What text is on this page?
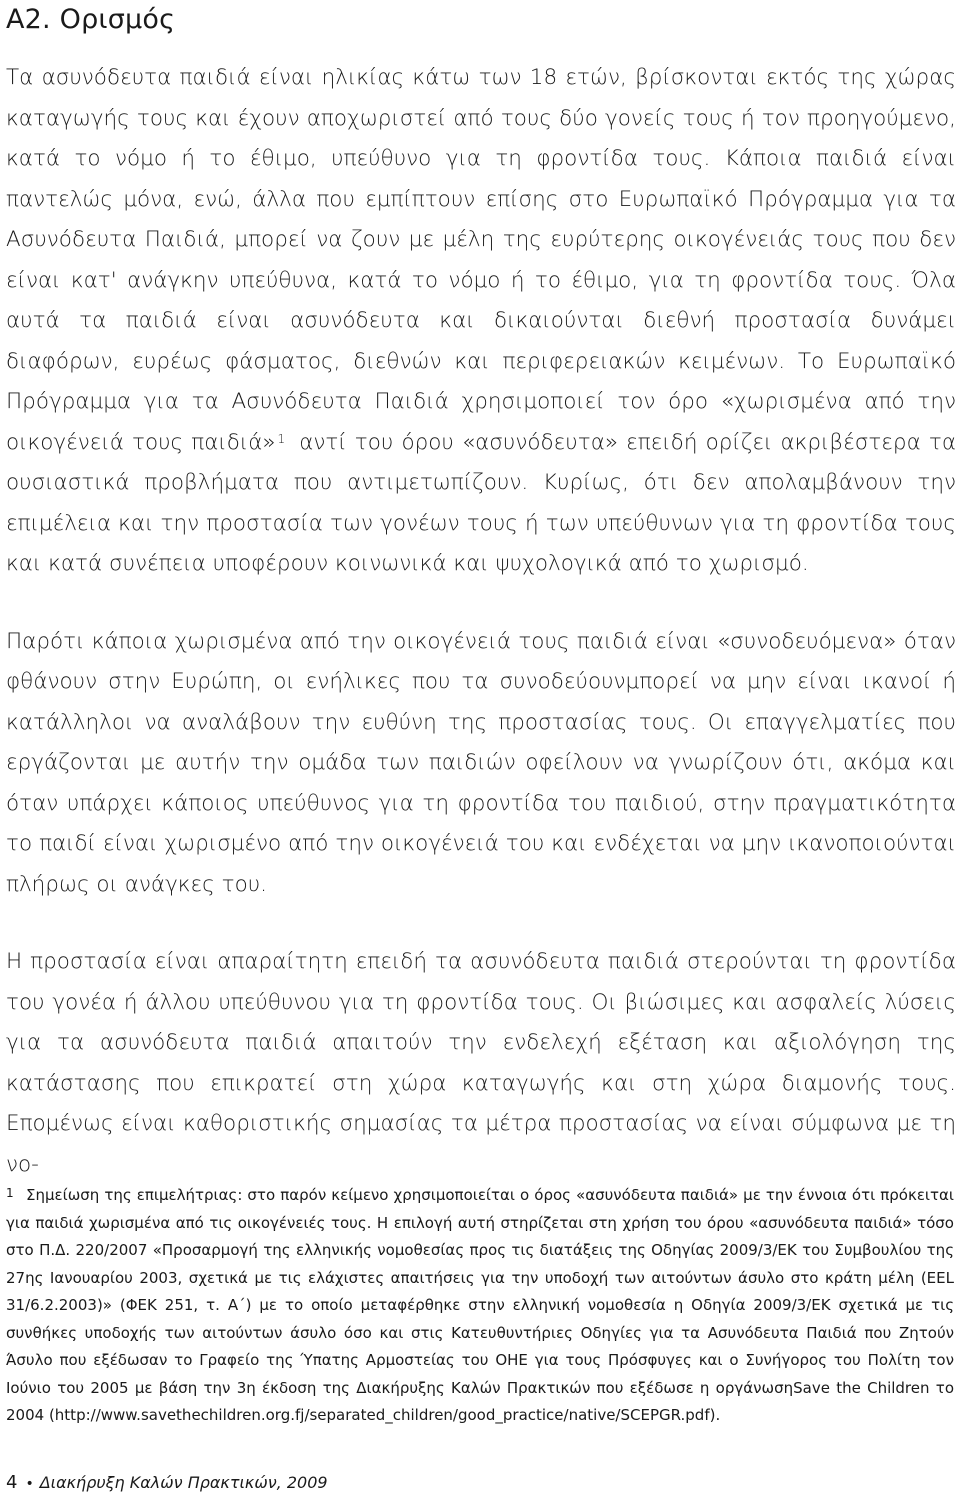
Α2. Ορισμός

Τα ασυνόδευτα παιδιά είναι ηλικίας κάτω των 18 ετών, βρίσκονται εκτός της χώρας καταγωγής τους και έχουν αποχωριστεί από τους δύο γονείς τους ή τον προηγούμενο, κατά το νόμο ή το έθιμο, υπεύθυνο για τη φροντίδα τους. Κάποια παιδιά είναι παντελώς μόνα, ενώ, άλλα που εμπίπτουν επίσης στο Ευρωπαϊκό Πρόγραμμα για τα Ασυνόδευτα Παιδιά, μπορεί να ζουν με μέλη της ευρύτερης οικογένειάς τους που δεν είναι κατ' ανάγκην υπεύθυνα, κατά το νόμο ή το έθιμο, για τη φροντίδα τους. Όλα αυτά τα παιδιά είναι ασυνόδευτα και δικαιούνται διεθνή προστασία δυνάμει διαφόρων, ευρέως φάσματος, διεθνών και περιφερειακών κειμένων. Το Ευρωπαϊκό Πρόγραμμα για τα Ασυνόδευτα Παιδιά χρησιμοποιεί τον όρο «χωρισμένα από την οικογένειά τους παιδιά» $^1$ αντί του όρου «ασυνόδευτα» επειδή ορίζει ακριβέστερα τα ουσιαστικά προβλήματα που αντιμετωπίζουν. Κυρίως, ότι δεν απολαμβάνουν την επιμέλεια και την προστασία των γονέων τους ή των υπεύθυνων για τη φροντίδα τους και κατά συνέπεια υποφέρουν κοινωνικά και ψυχολογικά από το χωρισμό.

Παρότι κάποια χωρισμένα από την οικογένειά τους παιδιά είναι «συνοδευόμενα» όταν φθάνουν στην Ευρώπη, οι ενήλικες που τα συνοδεύουνμπορεί να μην είναι ικανοί ή κατάλληλοι να αναλάβουν την ευθύνη της προστασίας τους. Οι επαγγελματίες που εργάζονται με αυτήν την ομάδα των παιδιών οφείλουν να γνωρίζουν ότι, ακόμα και όταν υπάρχει κάποιος υπεύθυνος για τη φροντίδα του παιδιού, στην πραγματικότητα το παιδί είναι χωρισμένο από την οικογένειά του και ενδέχεται να μην ικανοποιούνται πλήρως οι ανάγκες του.

Η προστασία είναι απαραίτητη επειδή τα ασυνόδευτα παιδιά στερούνται τη φροντίδα του γονέα ή άλλου υπεύθυνου για τη φροντίδα τους. Οι βιώσιμες και ασφαλείς λύσεις για τα ασυνόδευτα παιδιά απαιτούν την ενδελεχή εξέταση και αξιολόγηση της κατάστασης που επικρατεί στη χώρα καταγωγής και στη χώρα διαμονής τους. Επομένως είναι καθοριστικής σημασίας τα μέτρα προστασίας να είναι σύμφωνα με τη νο-

1 Σημείωση της επιμελήτριας: στο παρόν κείμενο χρησιμοποιείται ο όρος «ασυνόδευτα παιδιά» με την έννοια ότι πρόκειται για παιδιά χωρισμένα από τις οικογένειές τους. Η επιλογή αυτή στηρίζεται στη χρήση του όρου «ασυνόδευτα παιδιά» τόσο στο Π.Δ. 220/2007 «Προσαρμογή της ελληνικής νομοθεσίας προς τις διατάξεις της Οδηγίας 2009/3/ΕΚ του Συμβουλίου της 27ης Ιανουαρίου 2003, σχετικά με τις ελάχιστες απαιτήσεις για την υποδοχή των αιτούντων άσυλο στο κράτη μέλη (EEL 31/6.2.2003)» (ΦΕΚ 251, τ. Α΄) με το οποίο μεταφέρθηκε στην ελληνική νομοθεσία η Οδηγία 2009/3/ΕΚ σχετικά με τις συνθήκες υποδοχής των αιτούντων άσυλο όσο και στις Κατευθυντήριες Οδηγίες για τα Ασυνόδευτα Παιδιά που Ζητούν Άσυλο που εξέδωσαν το Γραφείο της Ύπατης Αρμοστείας του ΟΗΕ για τους Πρόσφυγες και ο Συνήγορος του Πολίτη τον Ιούνιο του 2005 με βάση την 3η έκδοση της Διακήρυξης Καλών Πρακτικών που εξέδωσε η οργάνωσηSave the Children το 2004 (http://www.savethechildren.org.fj/separated_children/good_practice/native/SCEPGR.pdf).
4 • Διακήρυξη Καλών Πρακτικών, 2009
